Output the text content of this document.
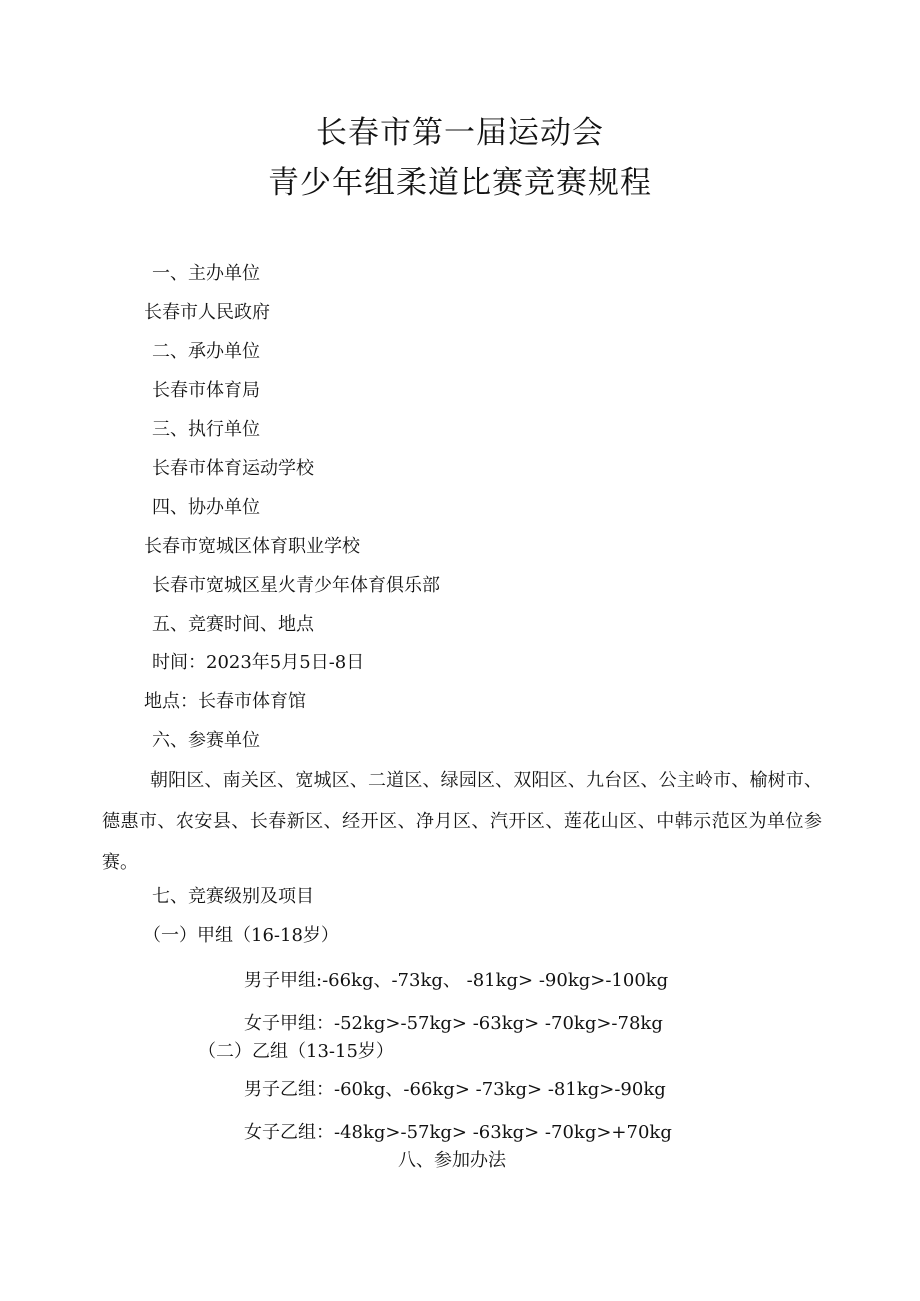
长春市第一届运动会
青少年组柔道比赛竞赛规程
一、主办单位
长春市人民政府
二、承办单位
长春市体育局
三、执行单位
长春市体育运动学校
四、协办单位
长春市宽城区体育职业学校
长春市宽城区星火青少年体育俱乐部
五、竞赛时间、地点
时间：2023年5月5日-8日
地点：长春市体育馆
六、参赛单位
朝阳区、南关区、宽城区、二道区、绿园区、双阳区、九台区、公主岭市、榆树市、德惠市、农安县、长春新区、经开区、净月区、汽开区、莲花山区、中韩示范区为单位参赛。
七、竞赛级别及项目
（一）甲组（16-18岁）
男子甲组:-66kg、-73kg、 -81kg> -90kg>-100kg
女子甲组：-52kg>-57kg> -63kg> -70kg>-78kg
（二）乙组（13-15岁）
男子乙组：-60kg、-66kg> -73kg> -81kg>-90kg
女子乙组：-48kg>-57kg> -63kg> -70kg>+70kg
八、参加办法
